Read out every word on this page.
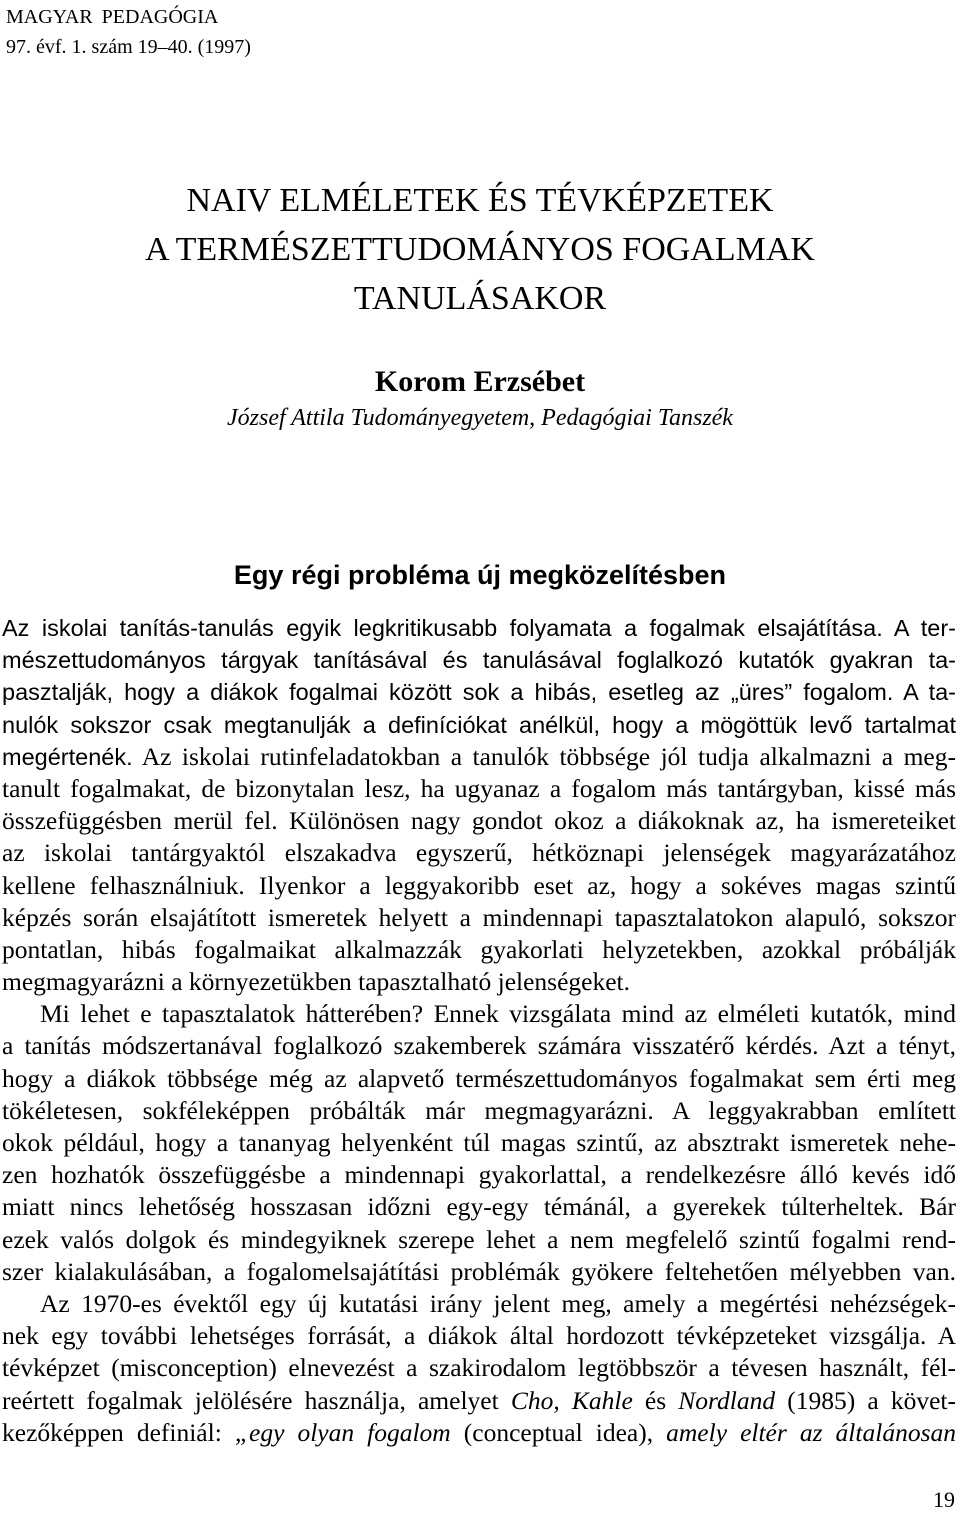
MAGYAR PEDAGÓGIA
97. évf. 1. szám 19–40. (1997)
NAIV ELMÉLETEK ÉS TÉVKÉPZETEK
A TERMÉSZETTUDOMÁNYOS FOGALMAK
TANULÁSAKOR
Korom Erzsébet
József Attila Tudományegyetem, Pedagógiai Tanszék
Egy régi probléma új megközelítésben
Az iskolai tanítás-tanulás egyik legkritikusabb folyamata a fogalmak elsajátítása. A ter-
mészettudományos tárgyak tanításával és tanulásával foglalkozó kutatók gyakran ta-
pasztalják, hogy a diákok fogalmai között sok a hibás, esetleg az „üres” fogalom. A ta-
nulók sokszor csak megtanulják a definíciókat anélkül, hogy a mögöttük levő tartalmat
megértenék. Az iskolai rutinfeladatokban a tanulók többsége jól tudja alkalmazni a meg-
tanult fogalmakat, de bizonytalan lesz, ha ugyanaz a fogalom más tantárgyban, kissé más
összefüggésben merül fel. Különösen nagy gondot okoz a diákoknak az, ha ismereteiket
az iskolai tantárgyaktól elszakadva egyszerű, hétköznapi jelenségek magyarázatához
kellene felhasználniuk. Ilyenkor a leggyakoribb eset az, hogy a sokéves magas szintű
képzés során elsajátított ismeretek helyett a mindennapi tapasztalatokon alapuló, sokszor
pontatlan, hibás fogalmaikat alkalmazzák gyakorlati helyzetekben, azokkal próbálják
megmagyarázni a környezetükben tapasztalható jelenségeket.
Mi lehet e tapasztalatok hátterében? Ennek vizsgálata mind az elméleti kutatók, mind
a tanítás módszertanával foglalkozó szakemberek számára visszatérő kérdés. Azt a tényt,
hogy a diákok többsége még az alapvető természettudományos fogalmakat sem érti meg
tökéletesen, sokféleképpen próbálták már megmagyarázni. A leggyakrabban említett
okok például, hogy a tananyag helyenként túl magas szintű, az absztrakt ismeretek nehe-
zen hozhatók összefüggésbe a mindennapi gyakorlattal, a rendelkezésre álló kevés idő
miatt nincs lehetőség hosszasan időzni egy-egy témánál, a gyerekek túlterheltek. Bár
ezek valós dolgok és mindegyiknek szerepe lehet a nem megfelelő szintű fogalmi rend-
szer kialakulásában, a fogalomelsajátítási problémák gyökere feltehetően mélyebben van.
Az 1970-es évektől egy új kutatási irány jelent meg, amely a megértési nehézségek-
nek egy további lehetséges forrását, a diákok által hordozott tévképzeteket vizsgálja. A
tévképzet (misconception) elnevezést a szakirodalom legtöbbször a tévesen használt, fél-
reértett fogalmak jelölésére használja, amelyet Cho, Kahle és Nordland (1985) a követ-
kezőképpen definiál: „egy olyan fogalom (conceptual idea), amely eltér az általánosan
19
